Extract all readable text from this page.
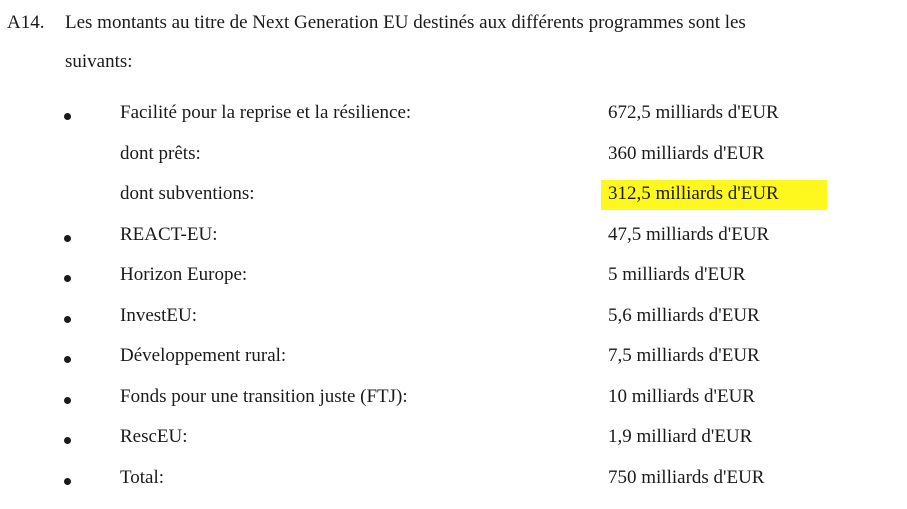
A14. Les montants au titre de Next Generation EU destinés aux différents programmes sont les
suivants:
Facilité pour la reprise et la résilience:	672,5 milliards d'EUR
dont prêts:	360 milliards d'EUR
dont subventions:	312,5 milliards d'EUR
REACT-EU:	47,5 milliards d'EUR
Horizon Europe:	5 milliards d'EUR
InvestEU:	5,6 milliards d'EUR
Développement rural:	7,5 milliards d'EUR
Fonds pour une transition juste (FTJ):	10 milliards d'EUR
RescEU:	1,9 milliard d'EUR
Total:	750 milliards d'EUR
